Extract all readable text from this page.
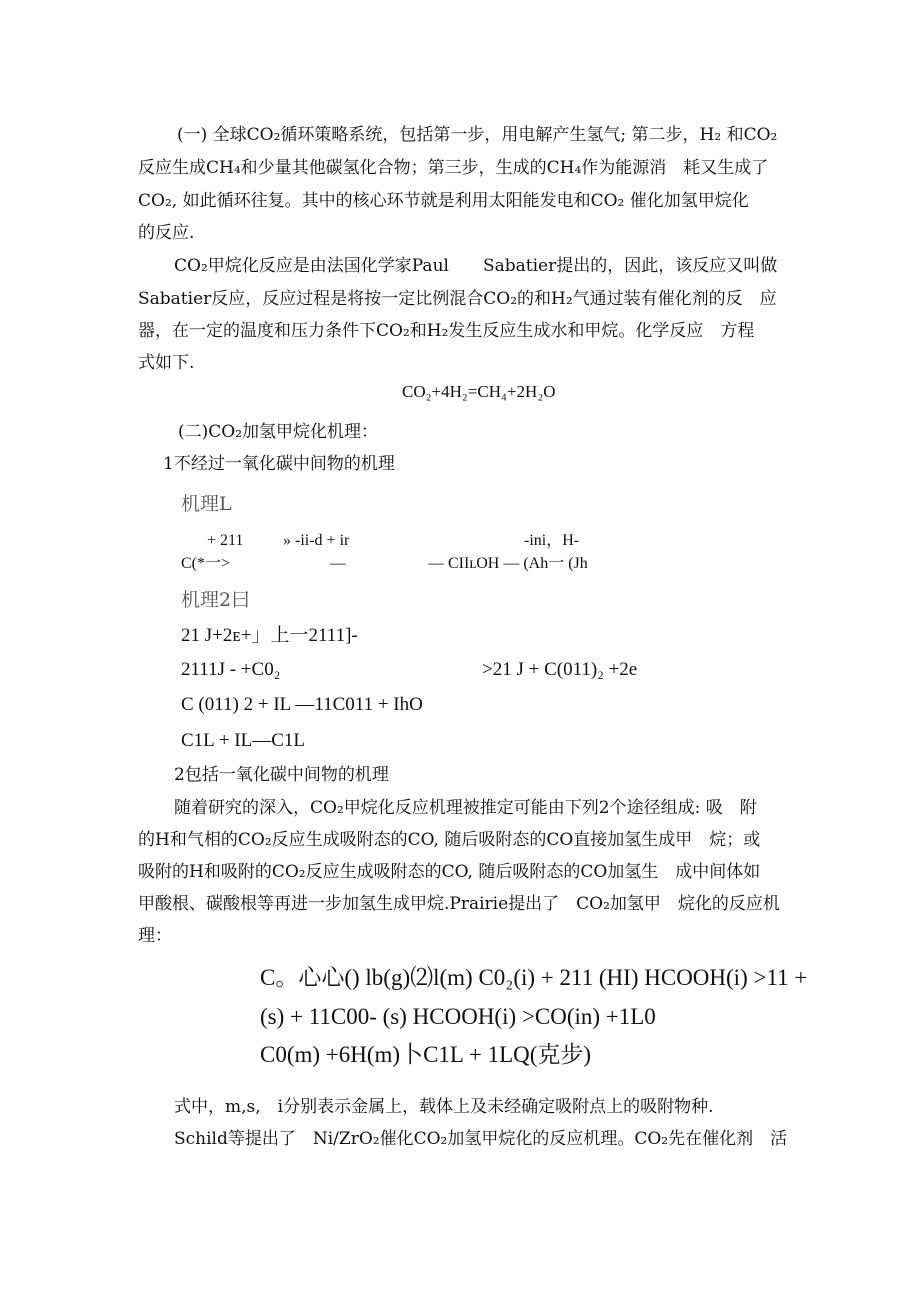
(一) 全球CO₂循环策略系统，包括第一步，用电解产生氢气; 第二步，H₂ 和CO₂
反应生成CH₄和少量其他碳氢化合物；第三步，生成的CH₄作为能源消　耗又生成了
CO₂, 如此循环往复。其中的核心环节就是利用太阳能发电和CO₂ 催化加氢甲烷化
的反应.
CO₂甲烷化反应是由法国化学家Paul　　Sabatier提出的，因此，该反应又叫做
Sabatier反应，反应过程是将按一定比例混合CO₂的和H₂气通过装有催化剂的反　应
器，在一定的温度和压力条件下CO₂和H₂发生反应生成水和甲烷。化学反应　方程
式如下.
CO₂+4H₂=CH₄+2H₂O
(二)CO₂加氢甲烷化机理：
1不经过一氧化碳中间物的机理
机理L
+ 211 » -ii-d + ir	-ini，H-
C(*一>	—	— CIIʟOH — (Ah一 (Jh
机理2曰
21 J+2ᴇ+」上一2111]-
2111J - +C0₂	>21 J + C(011)₂ +2e
C (011) 2 + IL —11C011 + IhO
C1L + IL—C1L
2包括一氧化碳中间物的机理
随着研究的深入，CO₂甲烷化反应机理被推定可能由下列2个途径组成: 吸　附
的H和气相的CO₂反应生成吸附态的CO, 随后吸附态的CO直接加氢生成甲　烷；或
吸附的H和吸附的CO₂反应生成吸附态的CO, 随后吸附态的CO加氢生　成中间体如
甲酸根、碳酸根等再进一步加氢生成甲烷.Prairie提出了　CO₂加氢甲　烷化的反应机
理：
C。心心() lb(g)⑵l(m) C0₂(i) + 211 (HI) HCOOH(i) >11 +
(s) + 11C00- (s) HCOOH(i) >CO(in) +1L0
C0(m) +6H(m)卜C1L + 1LQ(克步)
式中，m,s,　i分别表示金属上，载体上及未经确定吸附点上的吸附物种.
Schild等提出了　Ni/ZrO₂催化CO₂加氢甲烷化的反应机理。CO₂先在催化剂　活
